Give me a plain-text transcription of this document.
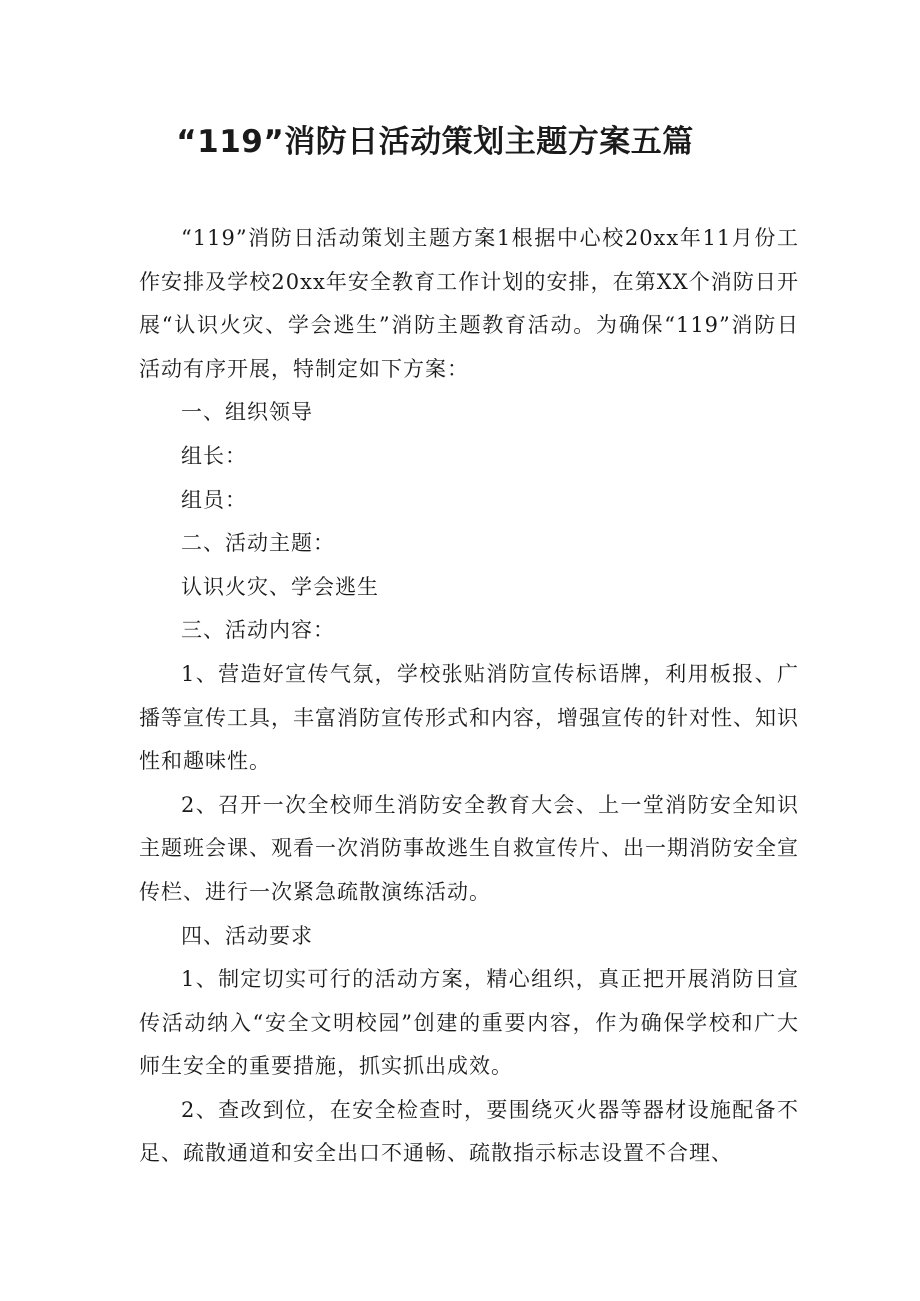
“119”消防日活动策划主题方案五篇

“119”消防日活动策划主题方案1根据中心校20xx年11月份工作安排及学校20xx年安全教育工作计划的安排，在第XX个消防日开展“认识火灾、学会逃生”消防主题教育活动。为确保“119”消防日活动有序开展，特制定如下方案：

一、组织领导

组长：

组员：

二、活动主题：

认识火灾、学会逃生

三、活动内容：

1、营造好宣传气氛，学校张贴消防宣传标语牌，利用板报、广播等宣传工具，丰富消防宣传形式和内容，增强宣传的针对性、知识性和趣味性。

2、召开一次全校师生消防安全教育大会、上一堂消防安全知识主题班会课、观看一次消防事故逃生自救宣传片、出一期消防安全宣传栏、进行一次紧急疏散演练活动。

四、活动要求

1、制定切实可行的活动方案，精心组织，真正把开展消防日宣传活动纳入“安全文明校园”创建的重要内容，作为确保学校和广大师生安全的重要措施，抓实抓出成效。

2、查改到位，在安全检查时，要围绕灭火器等器材设施配备不足、疏散通道和安全出口不通畅、疏散指示标志设置不合理、
